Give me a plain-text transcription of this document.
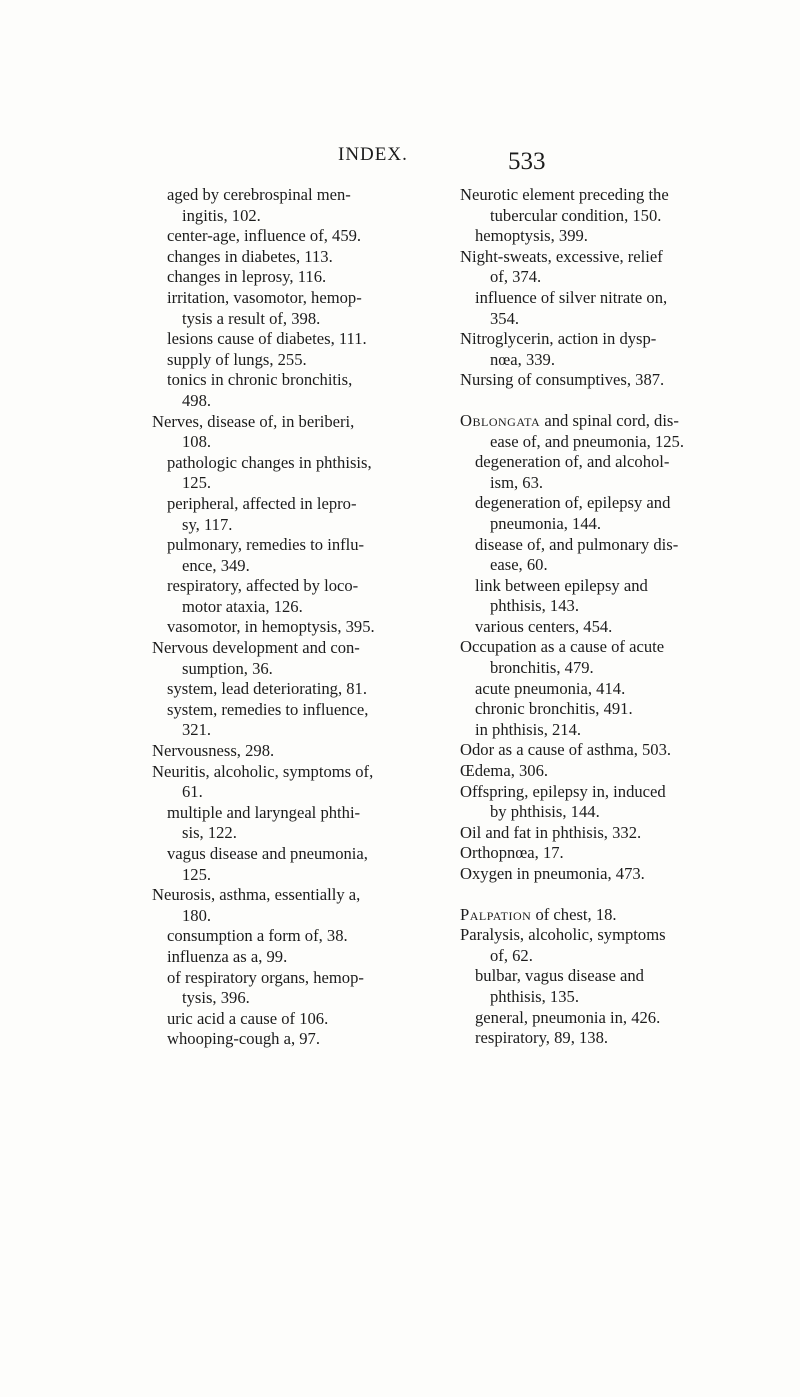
INDEX.	533
aged by cerebrospinal men-
ingitis, 102.
center-age, influence of, 459.
changes in diabetes, 113.
changes in leprosy, 116.
irritation, vasomotor, hemop-
tysis a result of, 398.
lesions cause of diabetes, 111.
supply of lungs, 255.
tonics in chronic bronchitis,
498.
Nerves, disease of, in beriberi,
108.
pathologic changes in phthisis,
125.
peripheral, affected in lepro-
sy, 117.
pulmonary, remedies to influ-
ence, 349.
respiratory, affected by loco-
motor ataxia, 126.
vasomotor, in hemoptysis, 395.
Nervous development and con-
sumption, 36.
system, lead deteriorating, 81.
system, remedies to influence,
321.
Nervousness, 298.
Neuritis, alcoholic, symptoms of,
61.
multiple and laryngeal phthi-
sis, 122.
vagus disease and pneumonia,
125.
Neurosis, asthma, essentially a,
180.
consumption a form of, 38.
influenza as a, 99.
of respiratory organs, hemop-
tysis, 396.
uric acid a cause of 106.
whooping-cough a, 97.
Neurotic element preceding the
tubercular condition, 150.
hemoptysis, 399.
Night-sweats, excessive, relief
of, 374.
influence of silver nitrate on,
354.
Nitroglycerin, action in dysp-
nœa, 339.
Nursing of consumptives, 387.
Oblongata and spinal cord, dis-
ease of, and pneumonia, 125.
degeneration of, and alcohol-
ism, 63.
degeneration of, epilepsy and
pneumonia, 144.
disease of, and pulmonary dis-
ease, 60.
link between epilepsy and
phthisis, 143.
various centers, 454.
Occupation as a cause of acute
bronchitis, 479.
acute pneumonia, 414.
chronic bronchitis, 491.
in phthisis, 214.
Odor as a cause of asthma, 503.
Œdema, 306.
Offspring, epilepsy in, induced
by phthisis, 144.
Oil and fat in phthisis, 332.
Orthopnœa, 17.
Oxygen in pneumonia, 473.
Palpation of chest, 18.
Paralysis, alcoholic, symptoms
of, 62.
bulbar, vagus disease and
phthisis, 135.
general, pneumonia in, 426.
respiratory, 89, 138.
